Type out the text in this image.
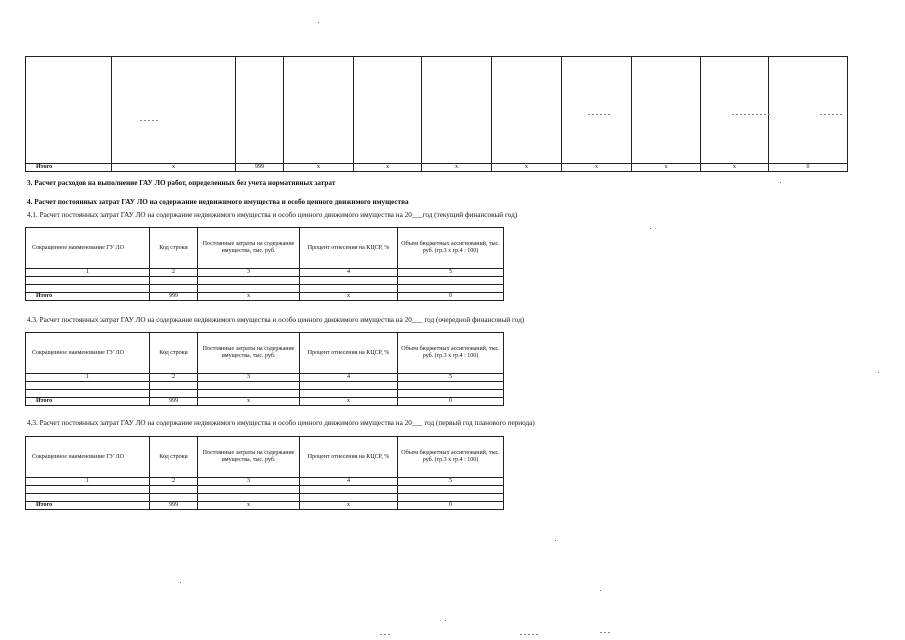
Итого	x	999	x	x	x	x	x	x	x	0
3. Расчет расходов на выполнение ГАУ ЛО работ, определенных без учета нормативных затрат
4. Расчет постоянных затрат ГАУ ЛО на содержание недвижимого имущества и особо ценного движимого имущества
4.1. Расчет постоянных затрат ГАУ ЛО на содержание недвижимого имущества и особо ценного движимого имущества на 20___год (текущий финансовый год)
Сокращенное наименование ГУ ЛО	Код строки	Постоянные затраты на содержание имущества, тыс. руб.	Процент отнесения на КЦСР, %	Объем бюджетных ассигнований, тыс. руб. (гр.3 х гр.4 : 100)
1	2	3	4	5

Итого	999	x	x	0
4.3. Расчет постоянных затрат ГАУ ЛО на содержание недвижимого имущества и особо ценного движимого имущества на 20___ год (очередной финансовый год)
Сокращенное наименование ГУ ЛО	Код строки	Постоянные затраты на содержание имущества, тыс. руб.	Процент отнесения на КЦСР, %	Объем бюджетных ассигнований, тыс. руб. (гр.3 х гр.4 : 100)
1	2	3	4	5

Итого	999	x	x	0
4.3. Расчет постоянных затрат ГАУ ЛО на содержание недвижимого имущества и особо ценного движимого имущества на 20___ год (первый год планового периода)
Сокращенное наименование ГУ ЛО	Код строки	Постоянные затраты на содержание имущества, тыс. руб.	Процент отнесения на КЦСР, %	Объем бюджетных ассигнований, тыс. руб. (гр.3 х гр.4 : 100)
1	2	3	4	5

Итого	999	x	x	0
